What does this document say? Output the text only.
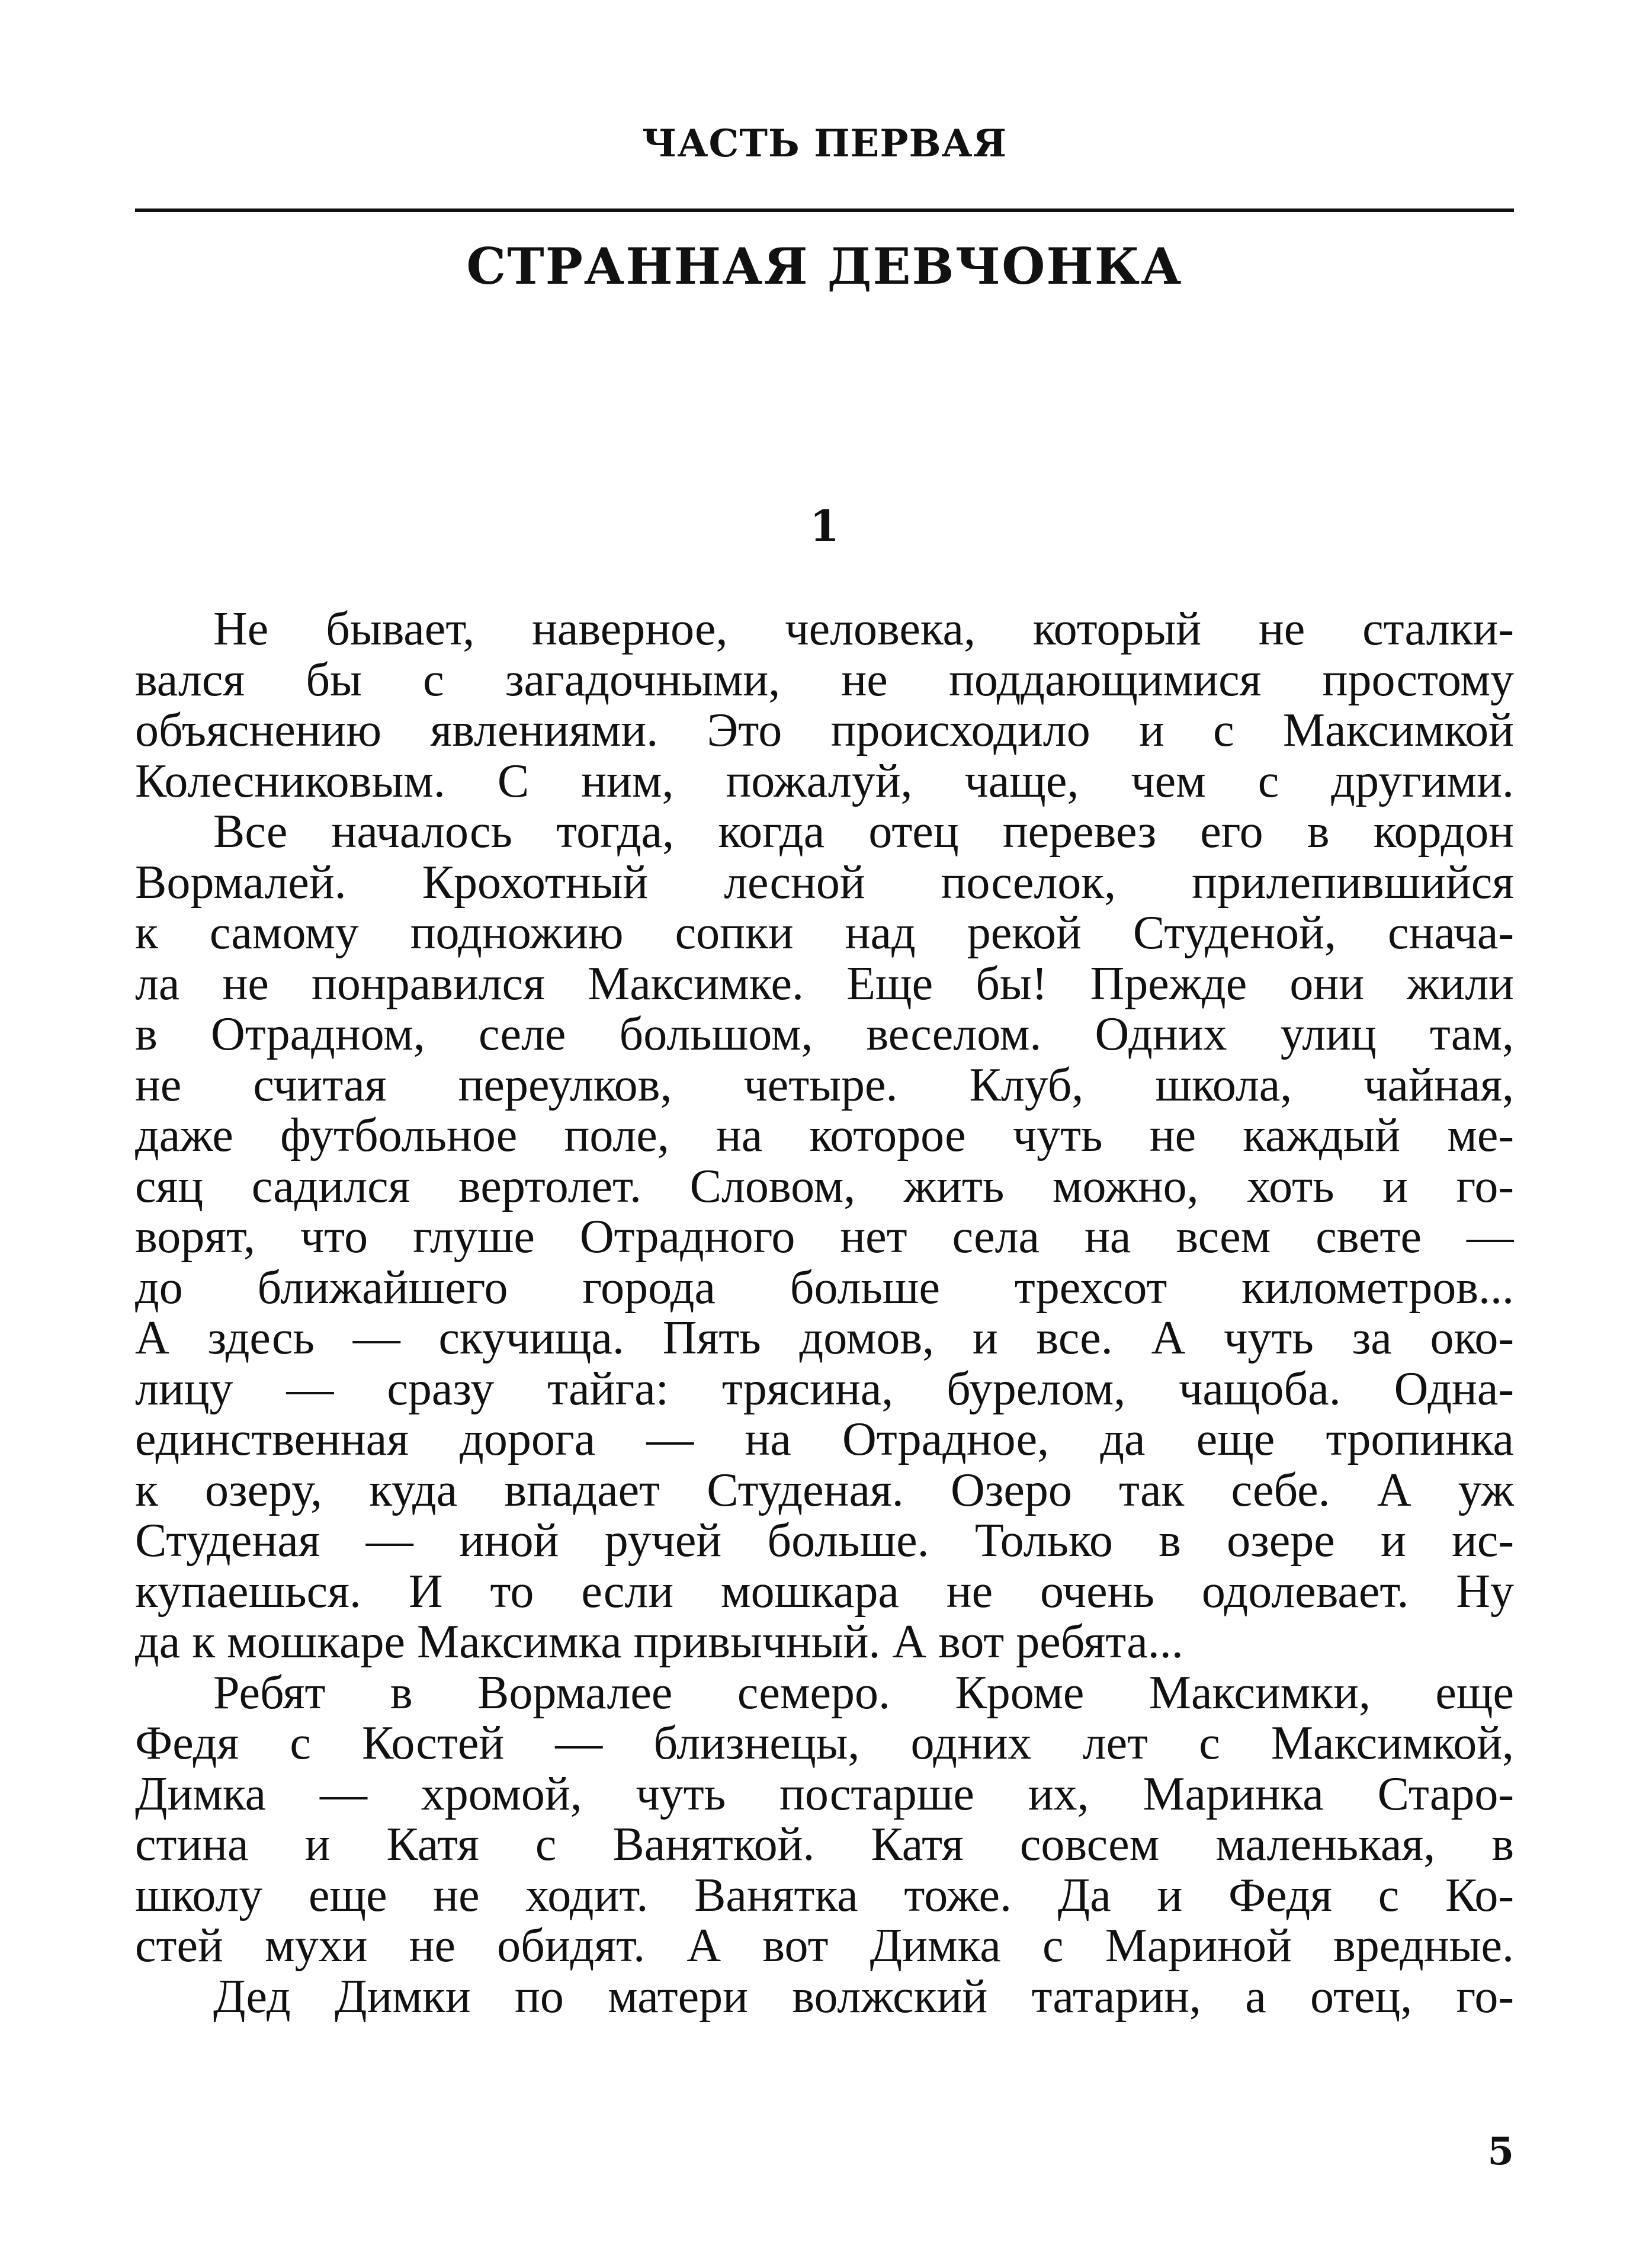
ЧАСТЬ ПЕРВАЯ
СТРАННАЯ ДЕВЧОНКА
1
Не бывает, наверное, человека, который не сталки-
вался бы с загадочными, не поддающимися простому
объяснению явлениями. Это происходило и с Максимкой
Колесниковым. С ним, пожалуй, чаще, чем с другими.
Все началось тогда, когда отец перевез его в кордон
Вормалей. Крохотный лесной поселок, прилепившийся
к самому подножию сопки над рекой Студеной, снача-
ла не понравился Максимке. Еще бы! Прежде они жили
в Отрадном, селе большом, веселом. Одних улиц там,
не считая переулков, четыре. Клуб, школа, чайная,
даже футбольное поле, на которое чуть не каждый ме-
сяц садился вертолет. Словом, жить можно, хоть и го-
ворят, что глуше Отрадного нет села на всем свете —
до ближайшего города больше трехсот километров...
А здесь — скучища. Пять домов, и все. А чуть за око-
лицу — сразу тайга: трясина, бурелом, чащоба. Одна-
единственная дорога — на Отрадное, да еще тропинка
к озеру, куда впадает Студеная. Озеро так себе. А уж
Студеная — иной ручей больше. Только в озере и ис-
купаешься. И то если мошкара не очень одолевает. Ну
да к мошкаре Максимка привычный. А вот ребята...
Ребят в Вормалее семеро. Кроме Максимки, еще
Федя с Костей — близнецы, одних лет с Максимкой,
Димка — хромой, чуть постарше их, Маринка Старо-
стина и Катя с Ваняткой. Катя совсем маленькая, в
школу еще не ходит. Ванятка тоже. Да и Федя с Ко-
стей мухи не обидят. А вот Димка с Мариной вредные.
Дед Димки по матери волжский татарин, а отец, го-
5
